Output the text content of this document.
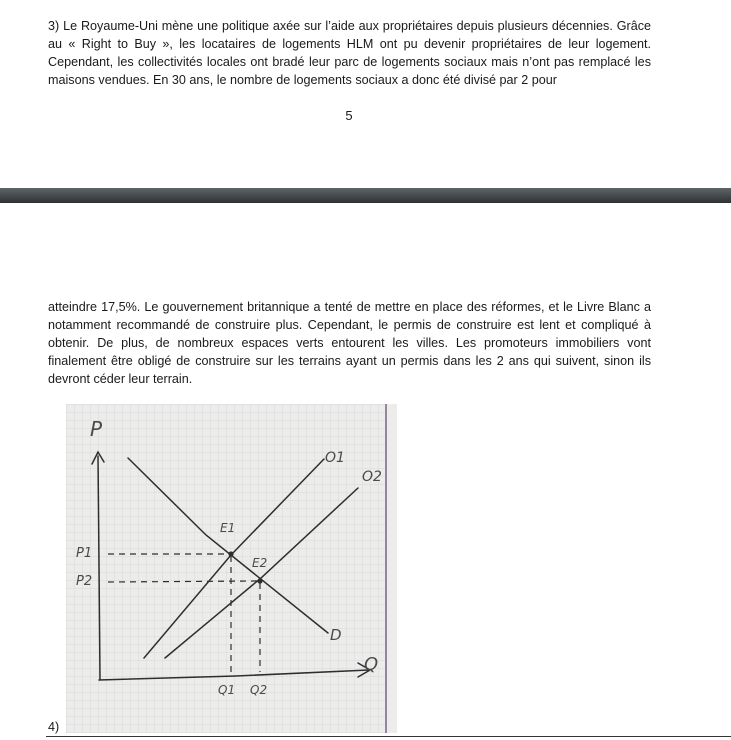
3) Le Royaume-Uni mène une politique axée sur l’aide aux propriétaires depuis plusieurs décennies. Grâce au « Right to Buy », les locataires de logements HLM ont pu devenir propriétaires de leur logement. Cependant, les collectivités locales ont bradé leur parc de logements sociaux mais n’ont pas remplacé les maisons vendues. En 30 ans, le nombre de logements sociaux a donc été divisé par 2 pour
5
atteindre 17,5%. Le gouvernement britannique a tenté de mettre en place des réformes, et le Livre Blanc a notamment recommandé de construire plus. Cependant, le permis de construire est lent et compliqué à obtenir. De plus, de nombreux espaces verts entourent les villes. Les promoteurs immobiliers vont finalement être obligé de construire sur les terrains ayant un permis dans les 2 ans qui suivent, sinon ils devront céder leur terrain.
P
Q
P1
P2
Q1 Q2
O1
O2
D
E1
E2
4)
